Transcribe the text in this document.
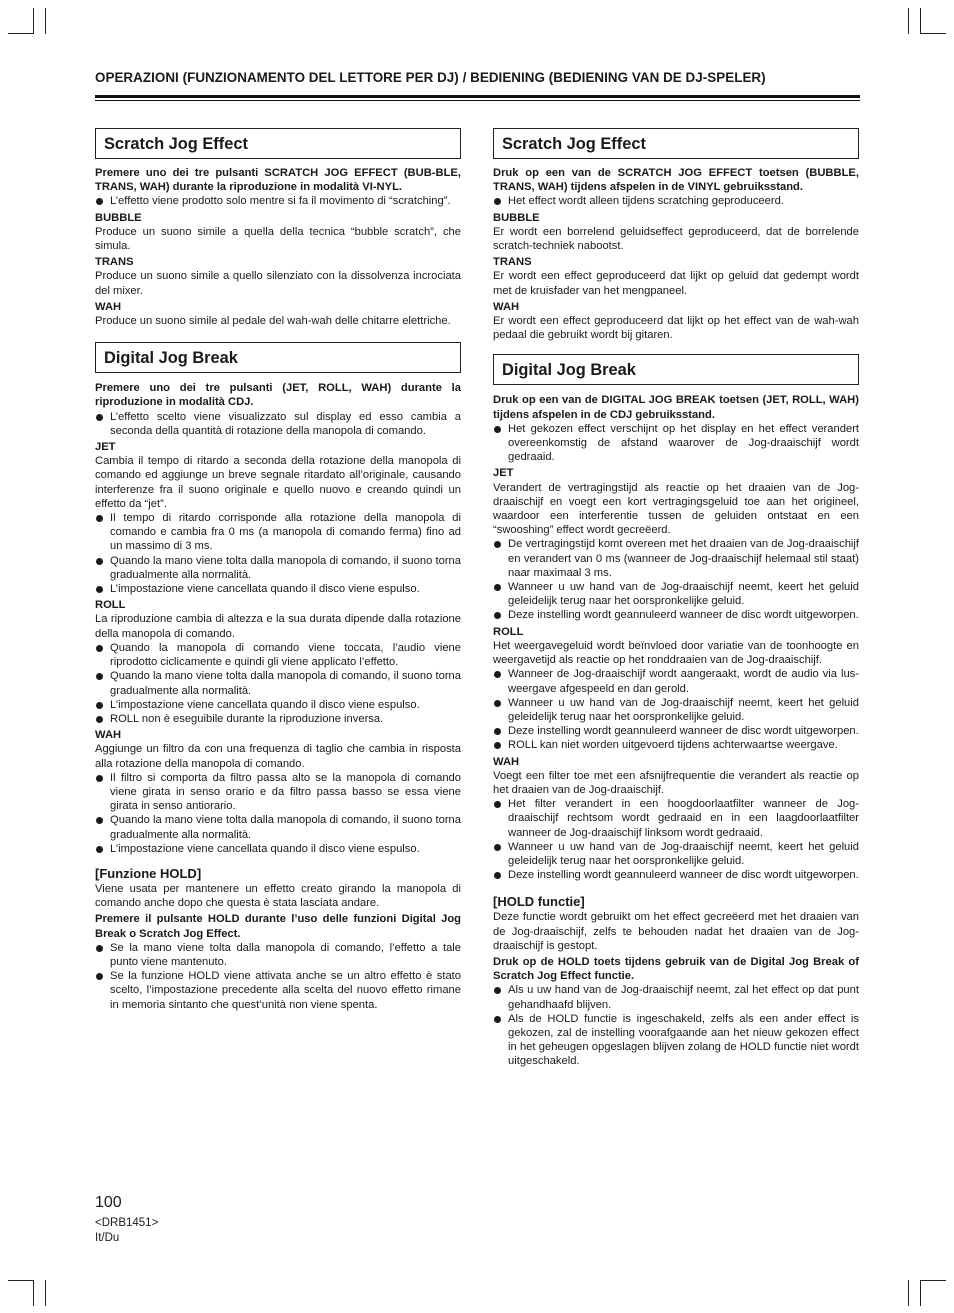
OPERAZIONI (FUNZIONAMENTO DEL LETTORE PER DJ) / BEDIENING (BEDIENING VAN DE DJ-SPELER)
Scratch Jog Effect

Premere uno dei tre pulsanti SCRATCH JOG EFFECT (BUB-BLE, TRANS, WAH) durante la riproduzione in modalità VI-NYL.

L’effetto viene prodotto solo mentre si fa il movimento di “scratching”.
BUBBLE

Produce un suono simile a quella della tecnica “bubble scratch”, che simula.

TRANS

Produce un suono simile a quello silenziato con la dissolvenza incrociata del mixer.

WAH

Produce un suono simile al pedale del wah-wah delle chitarre elettriche.

Digital Jog Break

Premere uno dei tre pulsanti (JET, ROLL, WAH) durante la riproduzione in modalità CDJ.

L’effetto scelto viene visualizzato sul display ed esso cambia a seconda della quantità di rotazione della manopola di comando.
JET

Cambia il tempo di ritardo a seconda della rotazione della manopola di comando ed aggiunge un breve segnale ritardato all’originale, causando interferenze fra il suono originale e quello nuovo e creando quindi un effetto da “jet”.

Il tempo di ritardo corrisponde alla rotazione della manopola di comando e cambia fra 0 ms (a manopola di comando ferma) fino ad un massimo di 3 ms.
Quando la mano viene tolta dalla manopola di comando, il suono torna gradualmente alla normalità.
L’impostazione viene cancellata quando il disco viene espulso.
ROLL

La riproduzione cambia di altezza e la sua durata dipende dalla rotazione della manopola di comando.

Quando la manopola di comando viene toccata, l’audio viene riprodotto ciclicamente e quindi gli viene applicato l’effetto.
Quando la mano viene tolta dalla manopola di comando, il suono torna gradualmente alla normalità.
L’impostazione viene cancellata quando il disco viene espulso.
ROLL non è eseguibile durante la riproduzione inversa.
WAH

Aggiunge un filtro da con una frequenza di taglio che cambia in risposta alla rotazione della manopola di comando.

Il filtro si comporta da filtro passa alto se la manopola di comando viene girata in senso orario e da filtro passa basso se essa viene girata in senso antiorario.
Quando la mano viene tolta dalla manopola di comando, il suono torna gradualmente alla normalità.
L’impostazione viene cancellata quando il disco viene espulso.
[Funzione HOLD]

Viene usata per mantenere un effetto creato girando la manopola di comando anche dopo che questa è stata lasciata andare.

Premere il pulsante HOLD durante l’uso delle funzioni Digital Jog Break o Scratch Jog Effect.

Se la mano viene tolta dalla manopola di comando, l’effetto a tale punto viene mantenuto.
Se la funzione HOLD viene attivata anche se un altro effetto è stato scelto, l’impostazione precedente alla scelta del nuovo effetto rimane in memoria sintanto che quest’unità non viene spenta.
Scratch Jog Effect

Druk op een van de SCRATCH JOG EFFECT toetsen (BUBBLE, TRANS, WAH) tijdens afspelen in de VINYL gebruiksstand.

Het effect wordt alleen tijdens scratching geproduceerd.
BUBBLE

Er wordt een borrelend geluidseffect geproduceerd, dat de borrelende scratch-techniek nabootst.

TRANS

Er wordt een effect geproduceerd dat lijkt op geluid dat gedempt wordt met de kruisfader van het mengpaneel.

WAH

Er wordt een effect geproduceerd dat lijkt op het effect van de wah-wah pedaal die gebruikt wordt bij gitaren.

Digital Jog Break

Druk op een van de DIGITAL JOG BREAK toetsen (JET, ROLL, WAH) tijdens afspelen in de CDJ gebruiksstand.

Het gekozen effect verschijnt op het display en het effect verandert overeenkomstig de afstand waarover de Jog-draaischijf wordt gedraaid.
JET

Verandert de vertragingstijd als reactie op het draaien van de Jog-draaischijf en voegt een kort vertragingsgeluid toe aan het origineel, waardoor een interferentie tussen de geluiden ontstaat en een “swooshing” effect wordt gecreëerd.

De vertragingstijd komt overeen met het draaien van de Jog-draaischijf en verandert van 0 ms (wanneer de Jog-draaischijf helemaal stil staat) naar maximaal 3 ms.
Wanneer u uw hand van de Jog-draaischijf neemt, keert het geluid geleidelijk terug naar het oorspronkelijke geluid.
Deze instelling wordt geannuleerd wanneer de disc wordt uitgeworpen.
ROLL

Het weergavegeluid wordt beïnvloed door variatie van de toonhoogte en weergavetijd als reactie op het ronddraaien van de Jog-draaischijf.

Wanneer de Jog-draaischijf wordt aangeraakt, wordt de audio via lus-weergave afgespeeld en dan gerold.
Wanneer u uw hand van de Jog-draaischijf neemt, keert het geluid geleidelijk terug naar het oorspronkelijke geluid.
Deze instelling wordt geannuleerd wanneer de disc wordt uitgeworpen.
ROLL kan niet worden uitgevoerd tijdens achterwaartse weergave.
WAH

Voegt een filter toe met een afsnijfrequentie die verandert als reactie op het draaien van de Jog-draaischijf.

Het filter verandert in een hoogdoorlaatfilter wanneer de Jog-draaischijf rechtsom wordt gedraaid en in een laagdoorlaatfilter wanneer de Jog-draaischijf linksom wordt gedraaid.
Wanneer u uw hand van de Jog-draaischijf neemt, keert het geluid geleidelijk terug naar het oorspronkelijke geluid.
Deze instelling wordt geannuleerd wanneer de disc wordt uitgeworpen.
[HOLD functie]

Deze functie wordt gebruikt om het effect gecreëerd met het draaien van de Jog-draaischijf, zelfs te behouden nadat het draaien van de Jog-draaischijf is gestopt.

Druk op de HOLD toets tijdens gebruik van de Digital Jog Break of Scratch Jog Effect functie.

Als u uw hand van de Jog-draaischijf neemt, zal het effect op dat punt gehandhaafd blijven.
Als de HOLD functie is ingeschakeld, zelfs als een ander effect is gekozen, zal de instelling voorafgaande aan het nieuw gekozen effect in het geheugen opgeslagen blijven zolang de HOLD functie niet wordt uitgeschakeld.
100
<DRB1451>
It/Du
